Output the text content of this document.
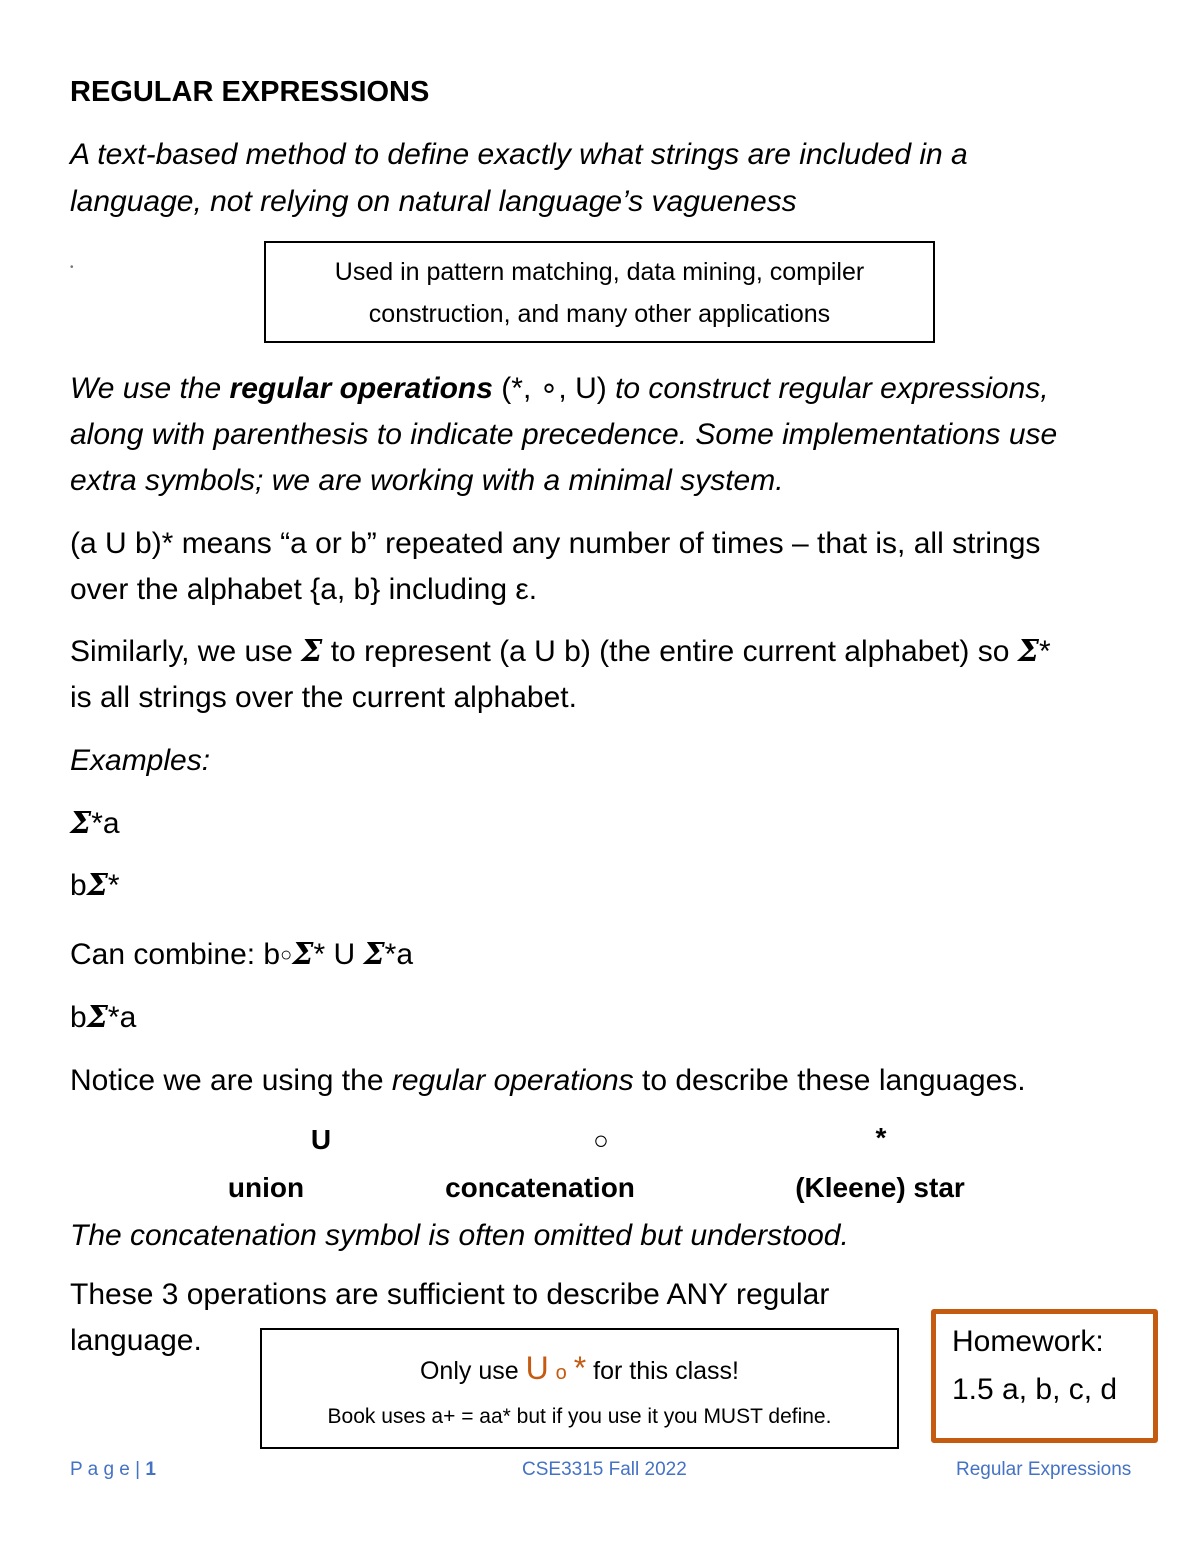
REGULAR EXPRESSIONS
A text-based method to define exactly what strings are included in a
language, not relying on natural language’s vagueness
•	Used in pattern matching, data mining, compiler
construction, and many other applications
We use the regular operations (*, ∘, U) to construct regular expressions,
along with parenthesis to indicate precedence. Some implementations use
extra symbols; we are working with a minimal system.
(a U b)* means “a or b” repeated any number of times – that is, all strings
over the alphabet {a, b} including ε.
Similarly, we use Σ to represent (a U b) (the entire current alphabet) so Σ*
is all strings over the current alphabet.
Examples:
Σ*a
bΣ*
Can combine: b○Σ* U Σ*a
bΣ*a
Notice we are using the regular operations to describe these languages.
U	○	*
union	concatenation	(Kleene) star
The concatenation symbol is often omitted but understood.
These 3 operations are sufficient to describe ANY regular
language.
Only use U o * for this class!
Book uses a+ = aa* but if you use it you MUST define.
Homework:
1.5 a, b, c, d
P a g e | 1	CSE3315 Fall 2022	Regular Expressions
